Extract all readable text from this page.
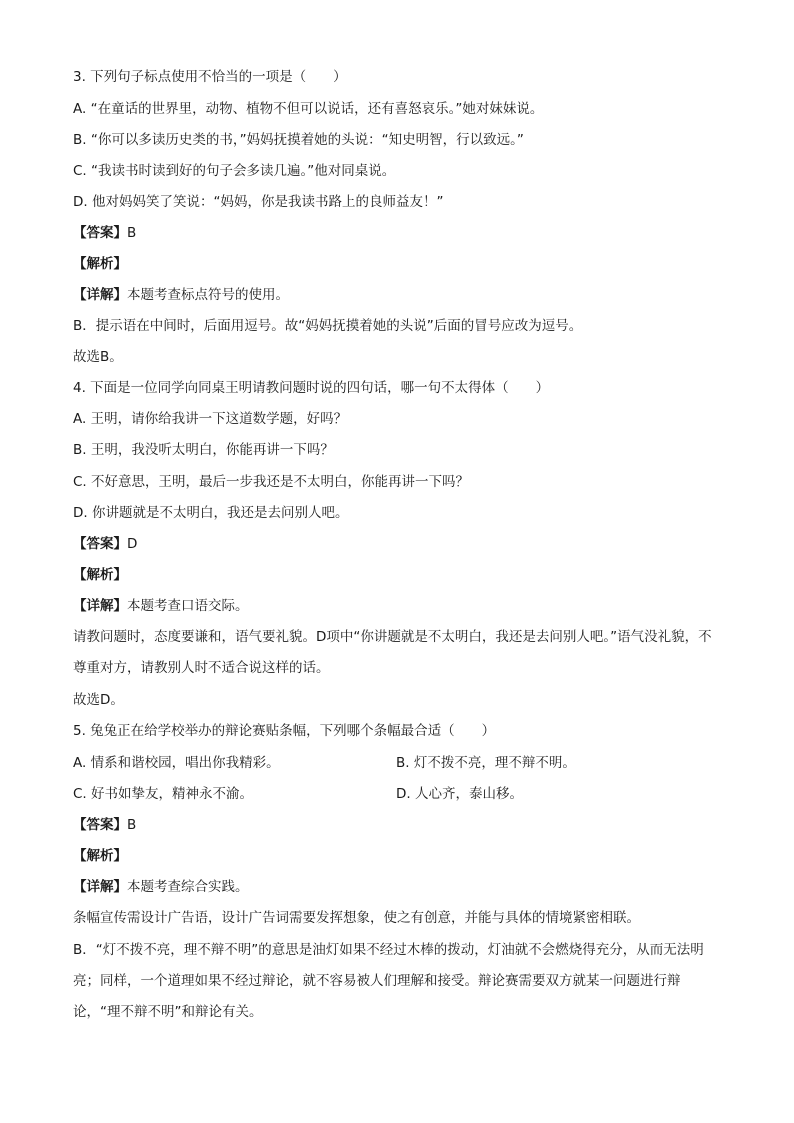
3. 下列句子标点使用不恰当的一项是（　　）
A. “在童话的世界里，动物、植物不但可以说话，还有喜怒哀乐。”她对妹妹说。
B. “你可以多读历史类的书，”妈妈抚摸着她的头说：“知史明智，行以致远。”
C. “我读书时读到好的句子会多读几遍。”他对同桌说。
D. 他对妈妈笑了笑说：“妈妈，你是我读书路上的良师益友！”
【答案】B
【解析】
【详解】本题考查标点符号的使用。
B．提示语在中间时，后面用逗号。故“妈妈抚摸着她的头说”后面的冒号应改为逗号。
故选B。
4. 下面是一位同学向同桌王明请教问题时说的四句话，哪一句不太得体（　　）
A. 王明，请你给我讲一下这道数学题，好吗？
B. 王明，我没听太明白，你能再讲一下吗？
C. 不好意思，王明，最后一步我还是不太明白，你能再讲一下吗？
D. 你讲题就是不太明白，我还是去问别人吧。
【答案】D
【解析】
【详解】本题考查口语交际。
请教问题时，态度要谦和，语气要礼貌。D项中“你讲题就是不太明白，我还是去问别人吧。”语气没礼貌，不尊重对方，请教别人时不适合说这样的话。
故选D。
5. 兔兔正在给学校举办的辩论赛贴条幅，下列哪个条幅最合适（　　）
A. 情系和谐校园，唱出你我精彩。	B. 灯不拨不亮，理不辩不明。
C. 好书如挚友，精神永不渝。	D. 人心齐，泰山移。
【答案】B
【解析】
【详解】本题考查综合实践。
条幅宣传需设计广告语，设计广告词需要发挥想象，使之有创意，并能与具体的情境紧密相联。
B．“灯不拨不亮，理不辩不明”的意思是油灯如果不经过木棒的拨动，灯油就不会燃烧得充分，从而无法明亮；同样，一个道理如果不经过辩论，就不容易被人们理解和接受。辩论赛需要双方就某一问题进行辩论，“理不辩不明”和辩论有关。
